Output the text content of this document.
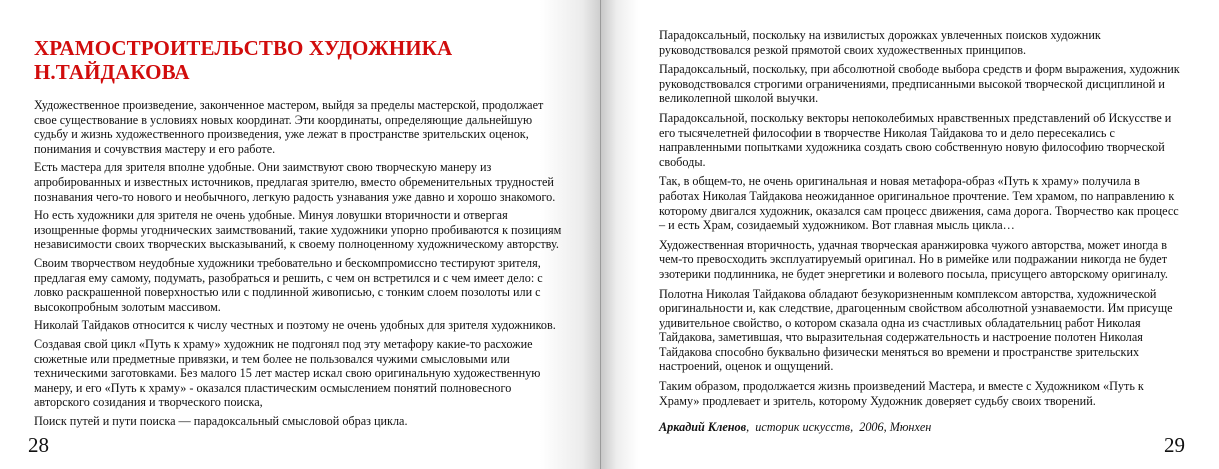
ХРАМОСТРОИТЕЛЬСТВО ХУДОЖНИКА Н.ТАЙДАКОВА

Художественное произведение, законченное мастером, выйдя за пределы мастерской, продолжает свое существование в условиях новых координат. Эти координаты, определяющие дальнейшую судьбу и жизнь художественного произведения, уже лежат в пространстве зрительских оценок, понимания и сочувствия мастеру и его работе.

Есть мастера для зрителя вполне удобные. Они заимствуют свою творческую манеру из апробированных и известных источников, предлагая зрителю, вместо обременительных трудностей познавания чего-то нового и необычного, легкую радость узнавания уже давно и хорошо знакомого.

Но есть художники для зрителя не очень удобные. Минуя ловушки вторичности и отвергая изощренные формы угоднических заимствований, такие художники упорно пробиваются к позициям независимости своих творческих высказываний, к своему полноценному художническому авторству.

Своим творчеством неудобные художники требовательно и бескомпромиссно тестируют зрителя, предлагая ему самому, подумать, разобраться и решить, с чем он встретился и с чем имеет дело: с ловко раскрашенной поверхностью или с подлинной живописью, с тонким слоем позолоты или с высокопробным золотым массивом.

Николай Тайдаков относится к числу честных и поэтому не очень удобных для зрителя художников.

Создавая свой цикл «Путь к храму» художник не подгонял под эту метафору какие-то расхожие сюжетные или предметные привязки, и тем более не пользовался чужими смысловыми или техническими заготовками. Без малого 15 лет мастер искал свою оригинальную художественную манеру, и его «Путь к храму» - оказался пластическим осмыслением понятий полновесного авторского созидания и творческого поиска,

Поиск путей и пути поиска — парадоксальный смысловой образ цикла.

28

Парадоксальный, поскольку на извилистых дорожках увлеченных поисков художник руководствовался резкой прямотой своих художественных принципов.

Парадоксальный, поскольку, при абсолютной свободе выбора средств и форм выражения, художник руководствовался строгими ограничениями, предписанными высокой творческой дисциплиной и великолепной школой выучки.

Парадоксальной, поскольку векторы непоколебимых нравственных представлений об Искусстве и его тысячелетней философии в творчестве Николая Тайдакова то и дело пересекались с направленными попытками художника создать свою собственную новую философию творческой свободы.

Так, в общем-то, не очень оригинальная и новая метафора-образ «Путь к храму» получила в работах Николая Тайдакова неожиданное оригинальное прочтение. Тем храмом, по направлению к которому двигался художник, оказался сам процесс движения, сама дорога. Творчество как процесс – и есть Храм, созидаемый художником. Вот главная мысль цикла…

Художественная вторичность, удачная творческая аранжировка чужого авторства, может иногда в чем-то превосходить эксплуатируемый оригинал. Но в римейке или подражании никогда не будет эзотерики подлинника, не будет энергетики и волевого посыла, присущего авторскому оригиналу.

Полотна Николая Тайдакова обладают безукоризненным комплексом авторства, художнической оригинальности и, как следствие, драгоценным свойством абсолютной узнаваемости. Им присуще удивительное свойство, о котором сказала одна из счастливых обладательниц работ Николая Тайдакова, заметившая, что выразительная содержательность и настроение полотен Николая Тайдакова способно буквально физически меняться во времени и пространстве зрительских настроений, оценок и ощущений.

Таким образом, продолжается жизнь произведений Мастера, и вместе с Художником «Путь к Храму» продлевает и зритель, которому Художник доверяет судьбу своих творений.

Аркадий Кленов,  историк искусств, 2006, Мюнхен
29
